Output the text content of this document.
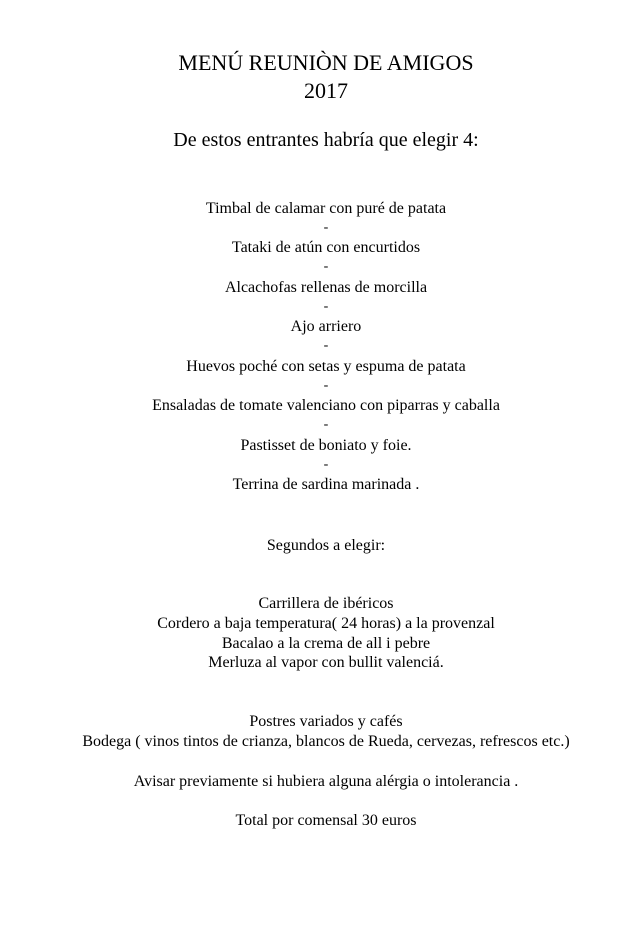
MENÚ REUNIÒN DE AMIGOS
2017
De estos entrantes habría que elegir 4:
Timbal de calamar con puré de patata
-
Tataki de atún con encurtidos
-
Alcachofas rellenas de morcilla
-
Ajo arriero
-
Huevos poché con setas y espuma de patata
-
Ensaladas de tomate valenciano con piparras y caballa
-
Pastisset de boniato y foie.
-
Terrina de sardina marinada .
Segundos a elegir:
Carrillera de ibéricos
Cordero a baja temperatura( 24 horas) a la provenzal
Bacalao a la crema de all i pebre
Merluza al vapor con bullit valenciá.
Postres variados y cafés
Bodega ( vinos tintos de crianza, blancos de Rueda, cervezas, refrescos etc.)
Avisar previamente si hubiera alguna alérgia o intolerancia .
Total por comensal 30 euros
